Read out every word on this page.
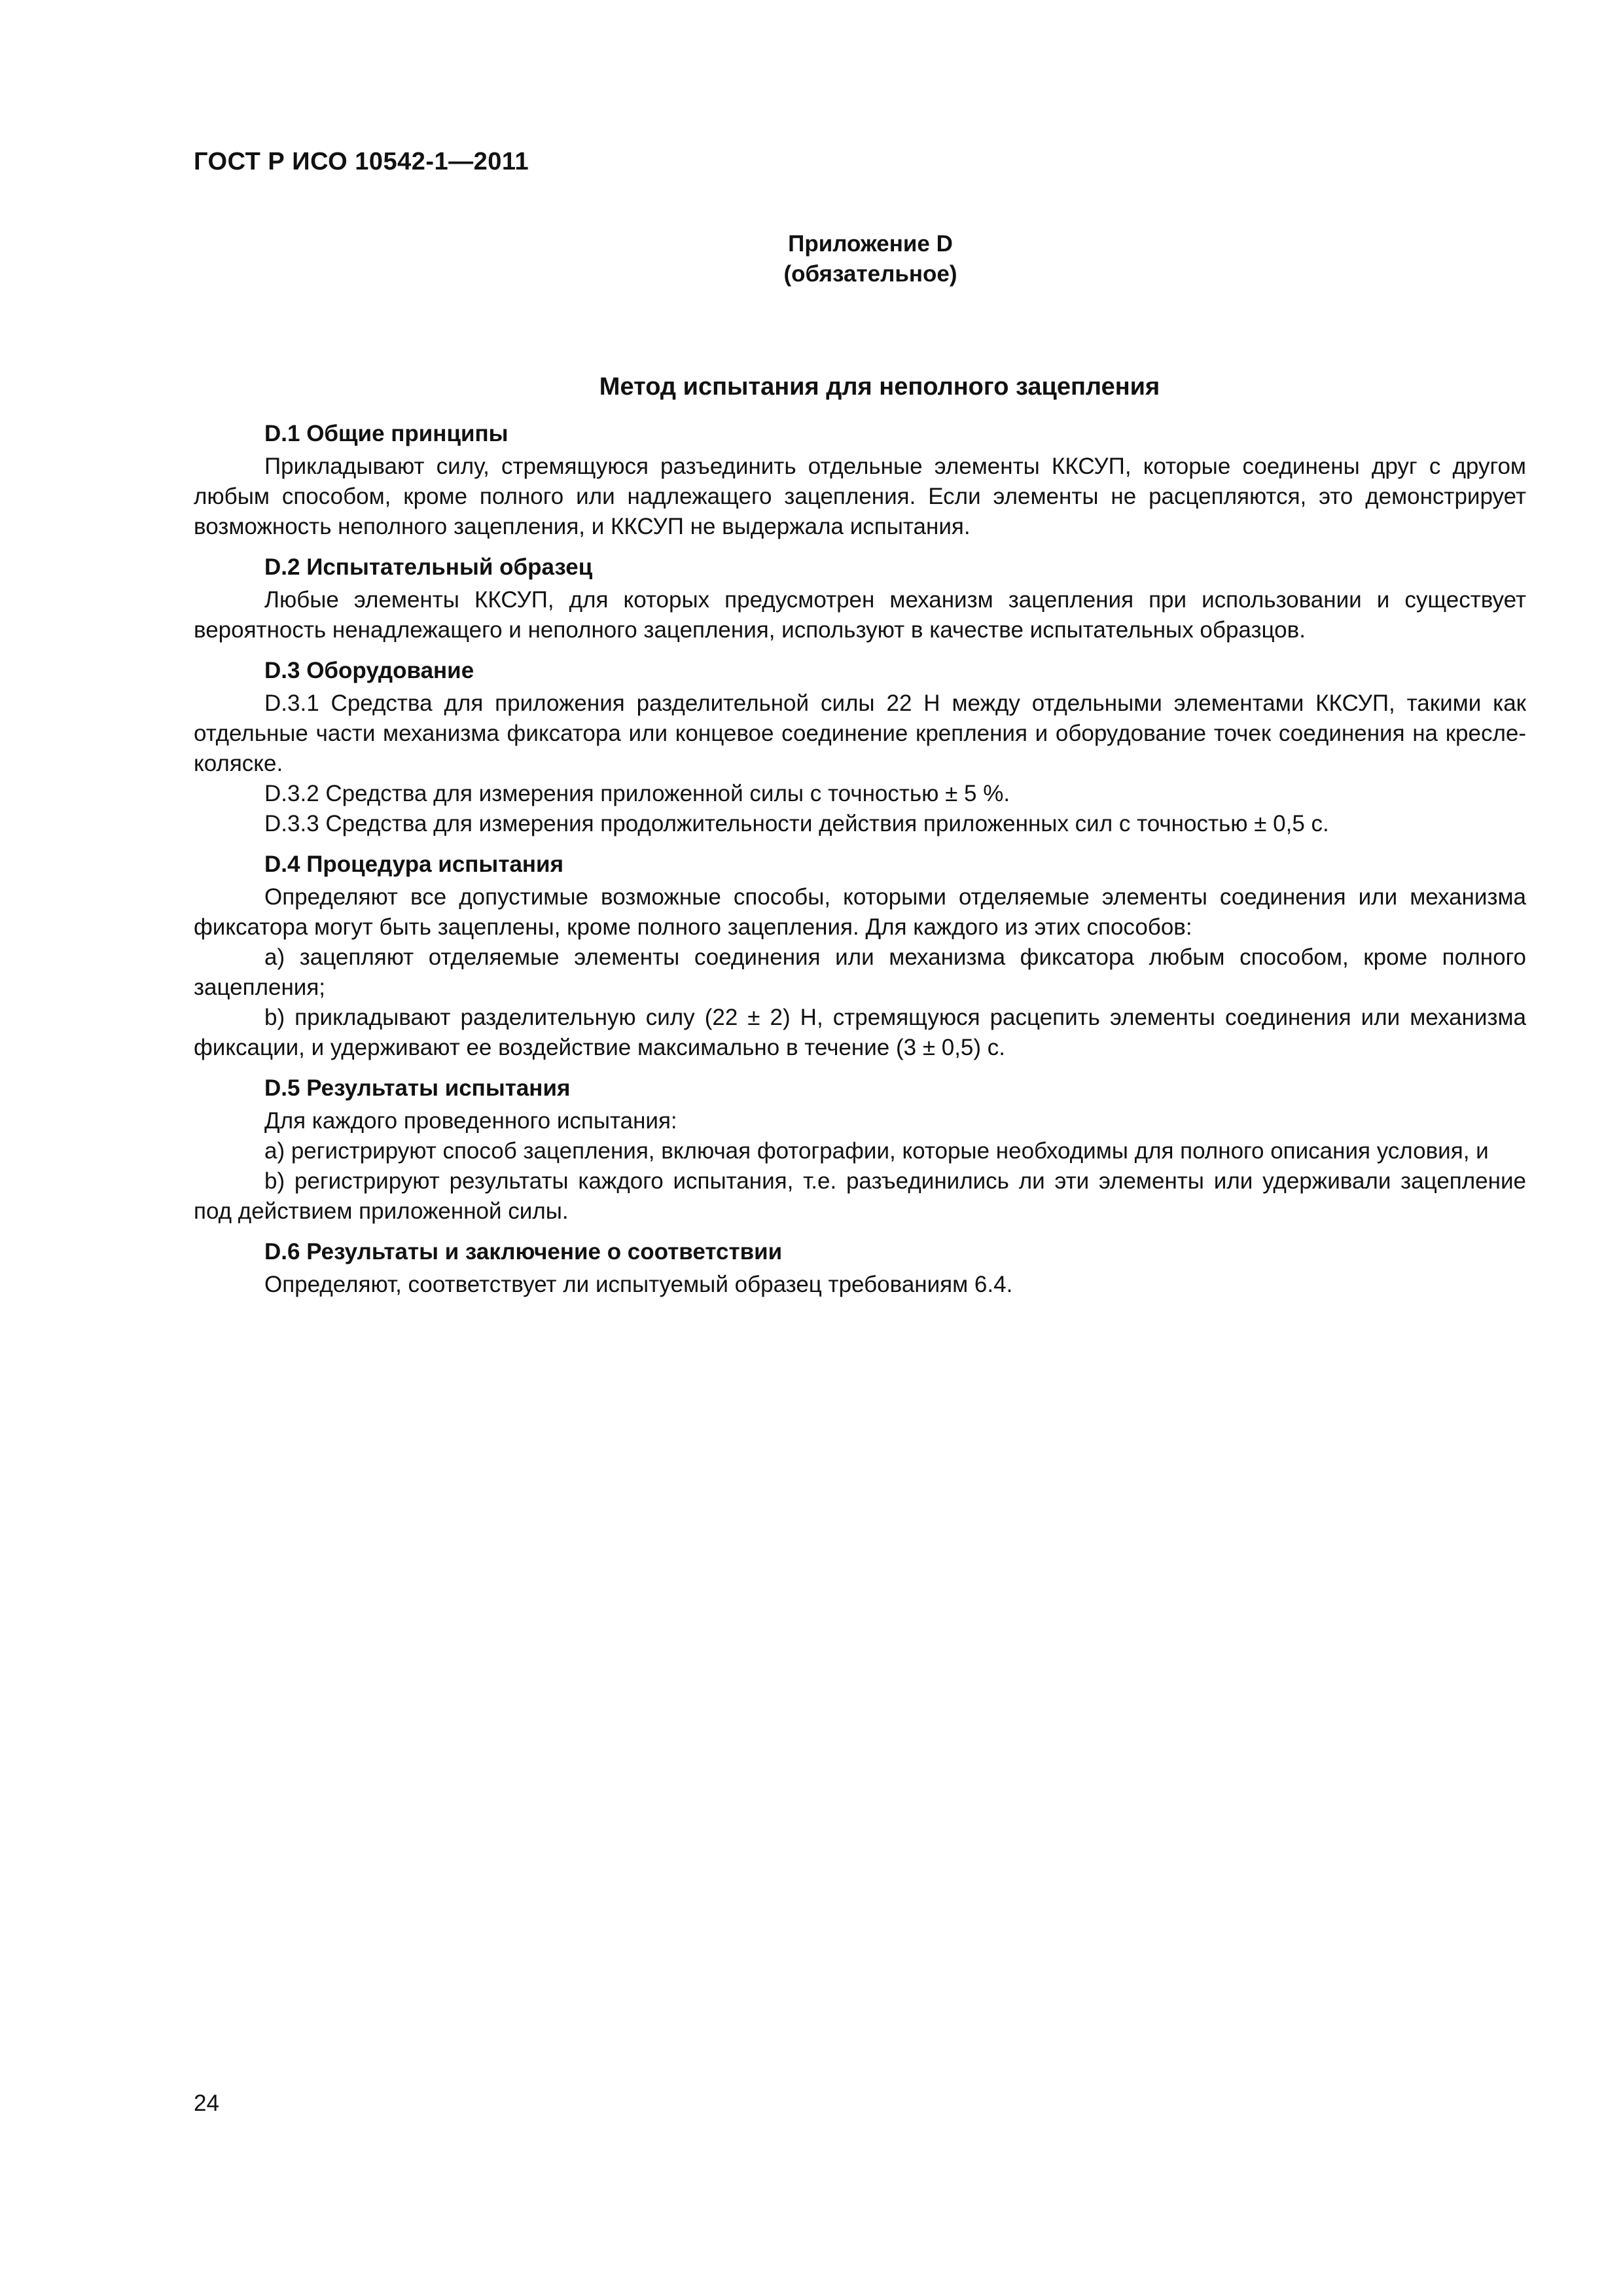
ГОСТ Р ИСО 10542-1—2011
Приложение D
(обязательное)
Метод испытания для неполного зацепления
D.1 Общие принципы

Прикладывают силу, стремящуюся разъединить отдельные элементы ККСУП, которые соединены друг с другом любым способом, кроме полного или надлежащего зацепления. Если элементы не расцепляются, это демонстрирует возможность неполного зацепления, и ККСУП не выдержала испытания.

D.2 Испытательный образец

Любые элементы ККСУП, для которых предусмотрен механизм зацепления при использовании и существует вероятность ненадлежащего и неполного зацепления, используют в качестве испытательных образцов.

D.3 Оборудование

D.3.1 Средства для приложения разделительной силы 22 Н между отдельными элементами ККСУП, такими как отдельные части механизма фиксатора или концевое соединение крепления и оборудование точек соединения на кресле-коляске.

D.3.2 Средства для измерения приложенной силы с точностью ± 5 %.

D.3.3 Средства для измерения продолжительности действия приложенных сил с точностью ± 0,5 с.

D.4 Процедура испытания

Определяют все допустимые возможные способы, которыми отделяемые элементы соединения или механизма фиксатора могут быть зацеплены, кроме полного зацепления. Для каждого из этих способов:

a) зацепляют отделяемые элементы соединения или механизма фиксатора любым способом, кроме полного зацепления;

b) прикладывают разделительную силу (22 ± 2) Н, стремящуюся расцепить элементы соединения или механизма фиксации, и удерживают ее воздействие максимально в течение (3 ± 0,5) с.

D.5 Результаты испытания

Для каждого проведенного испытания:

a) регистрируют способ зацепления, включая фотографии, которые необходимы для полного описания условия, и

b) регистрируют результаты каждого испытания, т.е. разъединились ли эти элементы или удерживали зацепление под действием приложенной силы.

D.6 Результаты и заключение о соответствии

Определяют, соответствует ли испытуемый образец требованиям 6.4.

24
